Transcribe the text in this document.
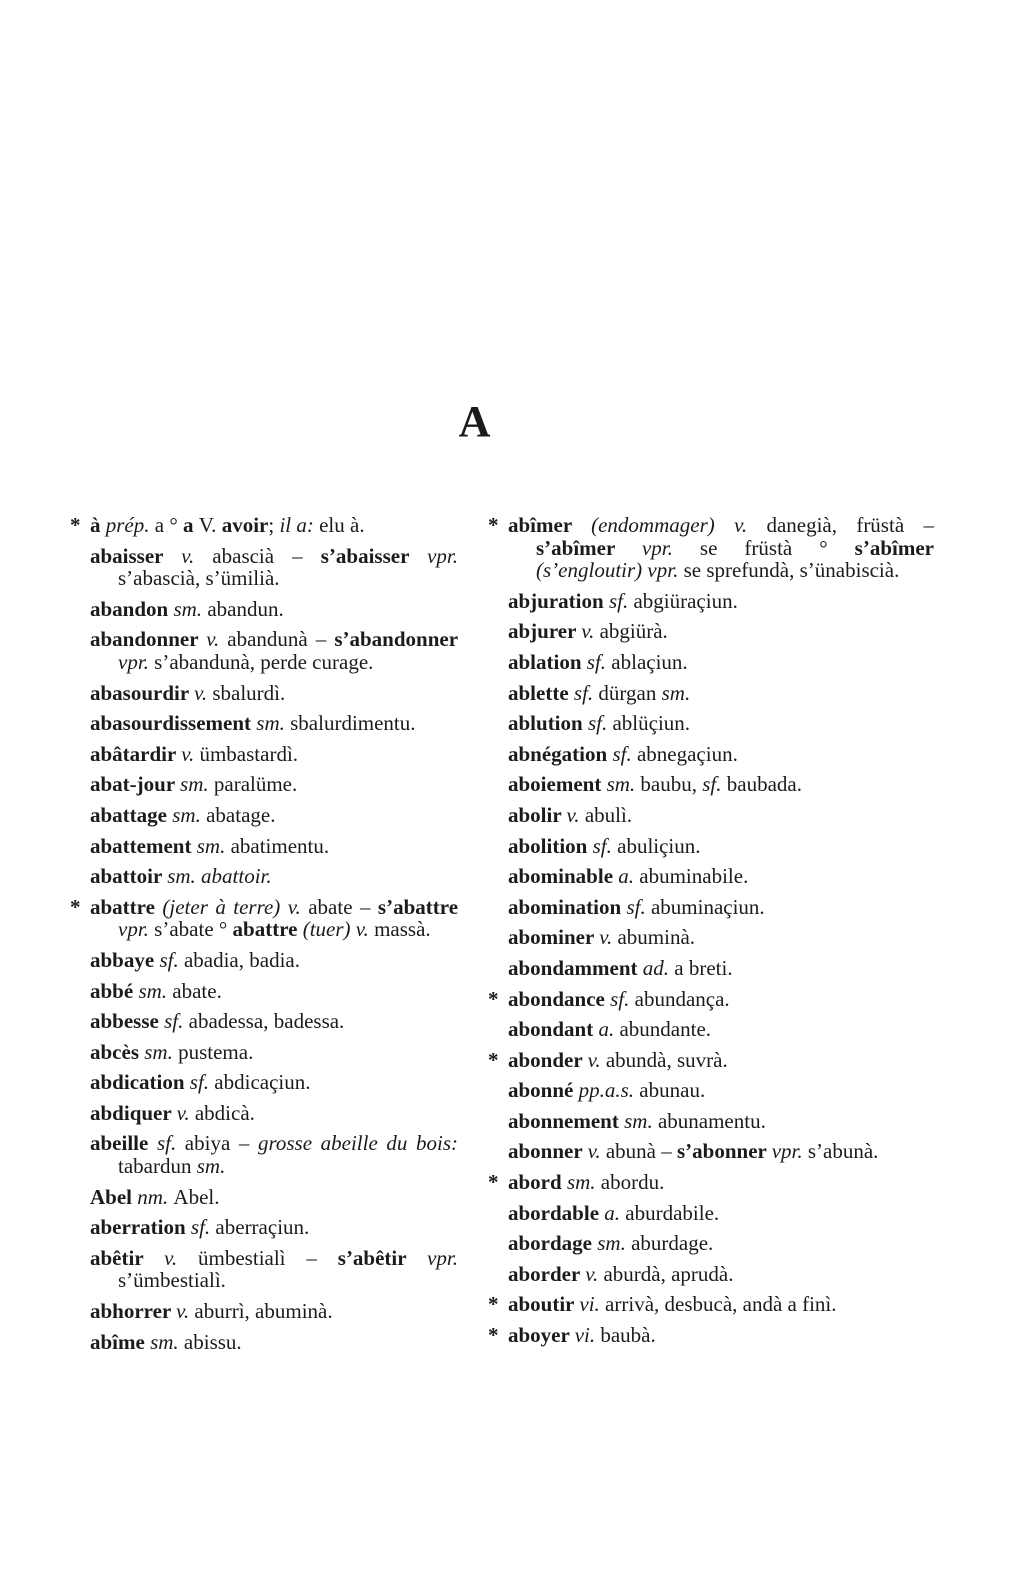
A

* à prép. a ° a V. avoir; il a: elu à.

abaisser v. abascià – s’abaisser vpr. s’abascià, s’ümilià.

abandon sm. abandun.

abandonner v. abandunà – s’abandonner vpr. s’abandunà, perde curage.

abasourdir v. sbalurdì.

abasourdissement sm. sbalurdimentu.

abâtardir v. ümbastardì.

abat-jour sm. paralüme.

abattage sm. abatage.

abattement sm. abatimentu.

abattoir sm. abattoir.

* abattre (jeter à terre) v. abate – s’abattre vpr. s’abate ° abattre (tuer) v. massà.

abbaye sf. abadia, badia.

abbé sm. abate.

abbesse sf. abadessa, badessa.

abcès sm. pustema.

abdication sf. abdicaçiun.

abdiquer v. abdicà.

abeille sf. abiya – grosse abeille du bois: tabardun sm.

Abel nm. Abel.

aberration sf. aberraçiun.

abêtir v. ümbestialì – s’abêtir vpr. s’ümbestialì.

abhorrer v. aburrì, abuminà.

abîme sm. abissu.

* abîmer (endommager) v. danegià, früstà – s’abîmer vpr. se früstà ° s’abîmer (s’engloutir) vpr. se sprefundà, s’ünabiscià.

abjuration sf. abgiüraçiun.

abjurer v. abgiürà.

ablation sf. ablaçiun.

ablette sf. dürgan sm.

ablution sf. ablüçiun.

abnégation sf. abnegaçiun.

aboiement sm. baubu, sf. baubada.

abolir v. abulì.

abolition sf. abuliçiun.

abominable a. abuminabile.

abomination sf. abuminaçiun.

abominer v. abuminà.

abondamment ad. a breti.

* abondance sf. abundança.

abondant a. abundante.

* abonder v. abundà, suvrà.

abonné pp.a.s. abunau.

abonnement sm. abunamentu.

abonner v. abunà – s’abonner vpr. s’abunà.

* abord sm. abordu.

abordable a. aburdabile.

abordage sm. aburdage.

aborder v. aburdà, aprudà.

* aboutir vi. arrivà, desbucà, andà a finì.

* aboyer vi. baubà.
